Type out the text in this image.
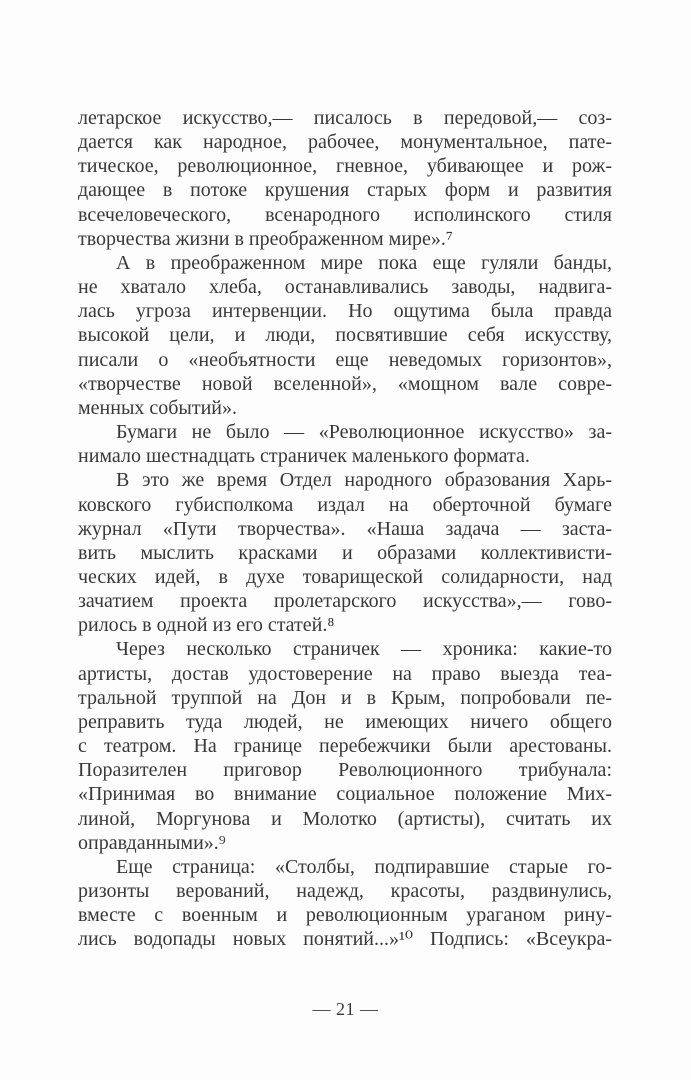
летарское искусство,— писалось в передовой,— соз-
дается как народное, рабочее, монументальное, пате-
тическое, революционное, гневное, убивающее и рож-
дающее в потоке крушения старых форм и развития
всечеловеческого, всенародного исполинского стиля
творчества жизни в преображенном мире».⁷
А в преображенном мире пока еще гуляли банды,
не хватало хлеба, останавливались заводы, надвига-
лась угроза интервенции. Но ощутима была правда
высокой цели, и люди, посвятившие себя искусству,
писали о «необъятности еще неведомых горизонтов»,
«творчестве новой вселенной», «мощном вале совре-
менных событий».
Бумаги не было — «Революционное искусство» за-
нимало шестнадцать страничек маленького формата.
В это же время Отдел народного образования Харь-
ковского губисполкома издал на оберточной бумаге
журнал «Пути творчества». «Наша задача — заста-
вить мыслить красками и образами коллективисти-
ческих идей, в духе товарищеской солидарности, над
зачатием проекта пролетарского искусства»,— гово-
рилось в одной из его статей.⁸
Через несколько страничек — хроника: какие-то
артисты, достав удостоверение на право выезда теа-
тральной труппой на Дон и в Крым, попробовали пе-
реправить туда людей, не имеющих ничего общего
с театром. На границе перебежчики были арестованы.
Поразителен приговор Революционного трибунала:
«Принимая во внимание социальное положение Мих-
линой, Моргунова и Молотко (артисты), считать их
оправданными».⁹
Еще страница: «Столбы, подпиравшие старые го-
ризонты верований, надежд, красоты, раздвинулись,
вместе с военным и революционным ураганом рину-
лись водопады новых понятий...»¹⁰ Подпись: «Всеукра-
— 21 —
